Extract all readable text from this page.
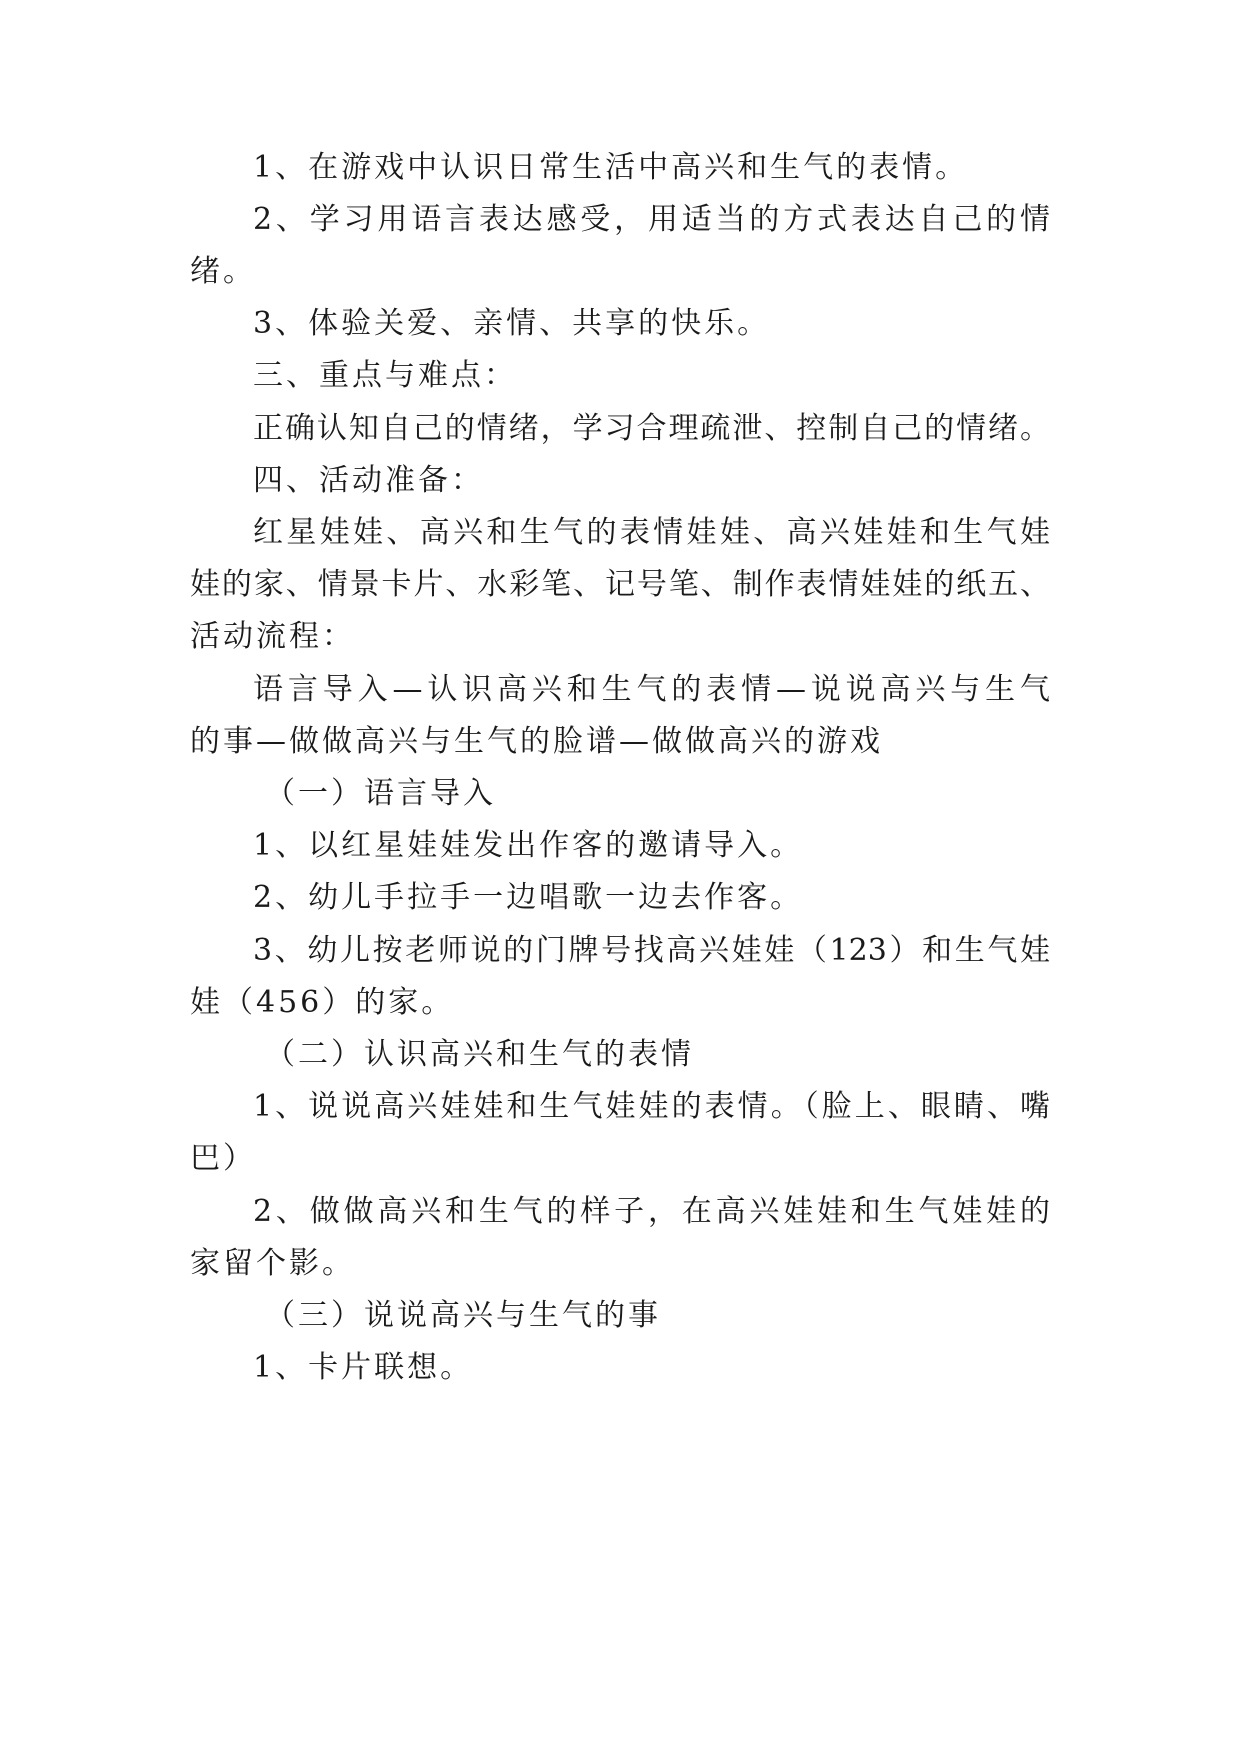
1、在游戏中认识日常生活中高兴和生气的表情。
2、学习用语言表达感受，用适当的方式表达自己的情
绪。
3、体验关爱、亲情、共享的快乐。
三、重点与难点：
正确认知自己的情绪，学习合理疏泄、控制自己的情绪。
四、活动准备：
红星娃娃、高兴和生气的表情娃娃、高兴娃娃和生气娃
娃的家、情景卡片、水彩笔、记号笔、制作表情娃娃的纸五、
活动流程：
语言导入—认识高兴和生气的表情—说说高兴与生气
的事—做做高兴与生气的脸谱—做做高兴的游戏
（一）语言导入
1、以红星娃娃发出作客的邀请导入。
2、幼儿手拉手一边唱歌一边去作客。
3、幼儿按老师说的门牌号找高兴娃娃（123）和生气娃
娃（456）的家。
（二）认识高兴和生气的表情
1、说说高兴娃娃和生气娃娃的表情。（脸上、眼睛、嘴
巴）
2、做做高兴和生气的样子，在高兴娃娃和生气娃娃的
家留个影。
（三）说说高兴与生气的事
1、卡片联想。
